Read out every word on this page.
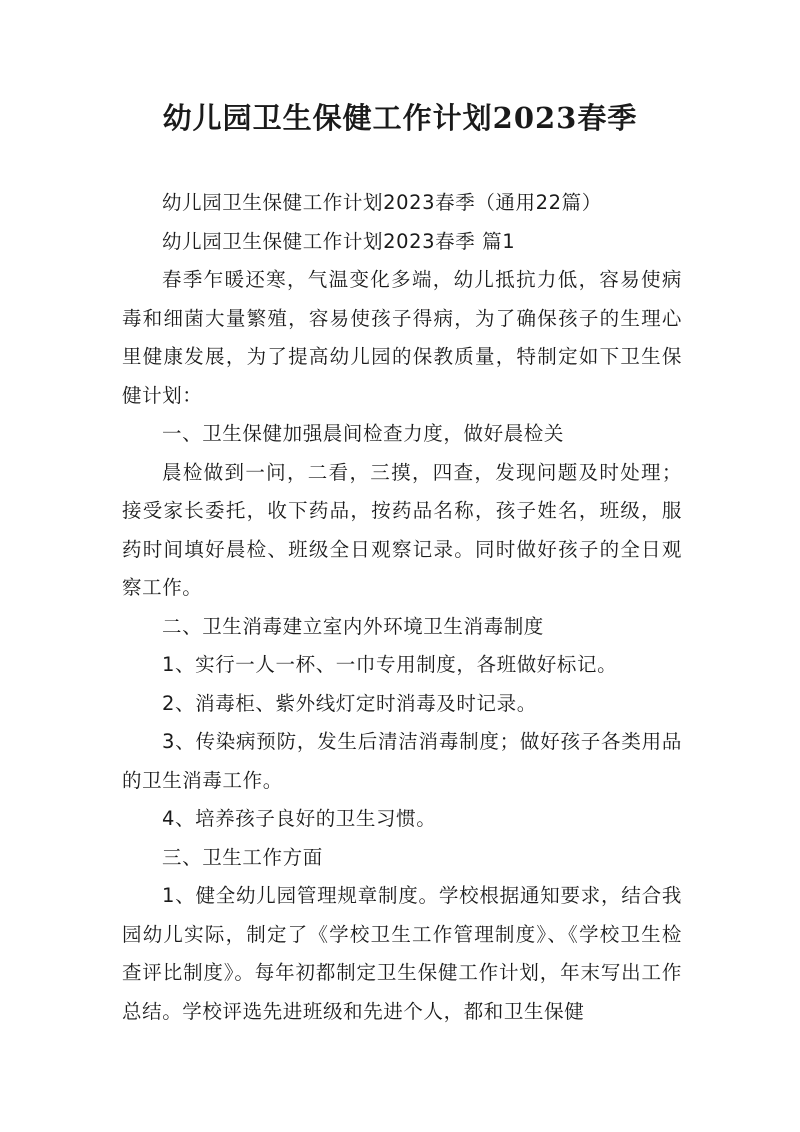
幼儿园卫生保健工作计划2023春季

幼儿园卫生保健工作计划2023春季（通用22篇）

幼儿园卫生保健工作计划2023春季 篇1

春季乍暖还寒，气温变化多端，幼儿抵抗力低，容易使病毒和细菌大量繁殖，容易使孩子得病，为了确保孩子的生理心里健康发展，为了提高幼儿园的保教质量，特制定如下卫生保健计划：

一、卫生保健加强晨间检查力度，做好晨检关

晨检做到一问，二看，三摸，四查，发现问题及时处理；接受家长委托，收下药品，按药品名称，孩子姓名，班级，服药时间填好晨检、班级全日观察记录。同时做好孩子的全日观察工作。

二、卫生消毒建立室内外环境卫生消毒制度

1、实行一人一杯、一巾专用制度，各班做好标记。

2、消毒柜、紫外线灯定时消毒及时记录。

3、传染病预防，发生后清洁消毒制度；做好孩子各类用品的卫生消毒工作。

4、培养孩子良好的卫生习惯。

三、卫生工作方面

1、健全幼儿园管理规章制度。学校根据通知要求，结合我园幼儿实际，制定了《学校卫生工作管理制度》、《学校卫生检查评比制度》。每年初都制定卫生保健工作计划，年末写出工作总结。学校评选先进班级和先进个人，都和卫生保健
